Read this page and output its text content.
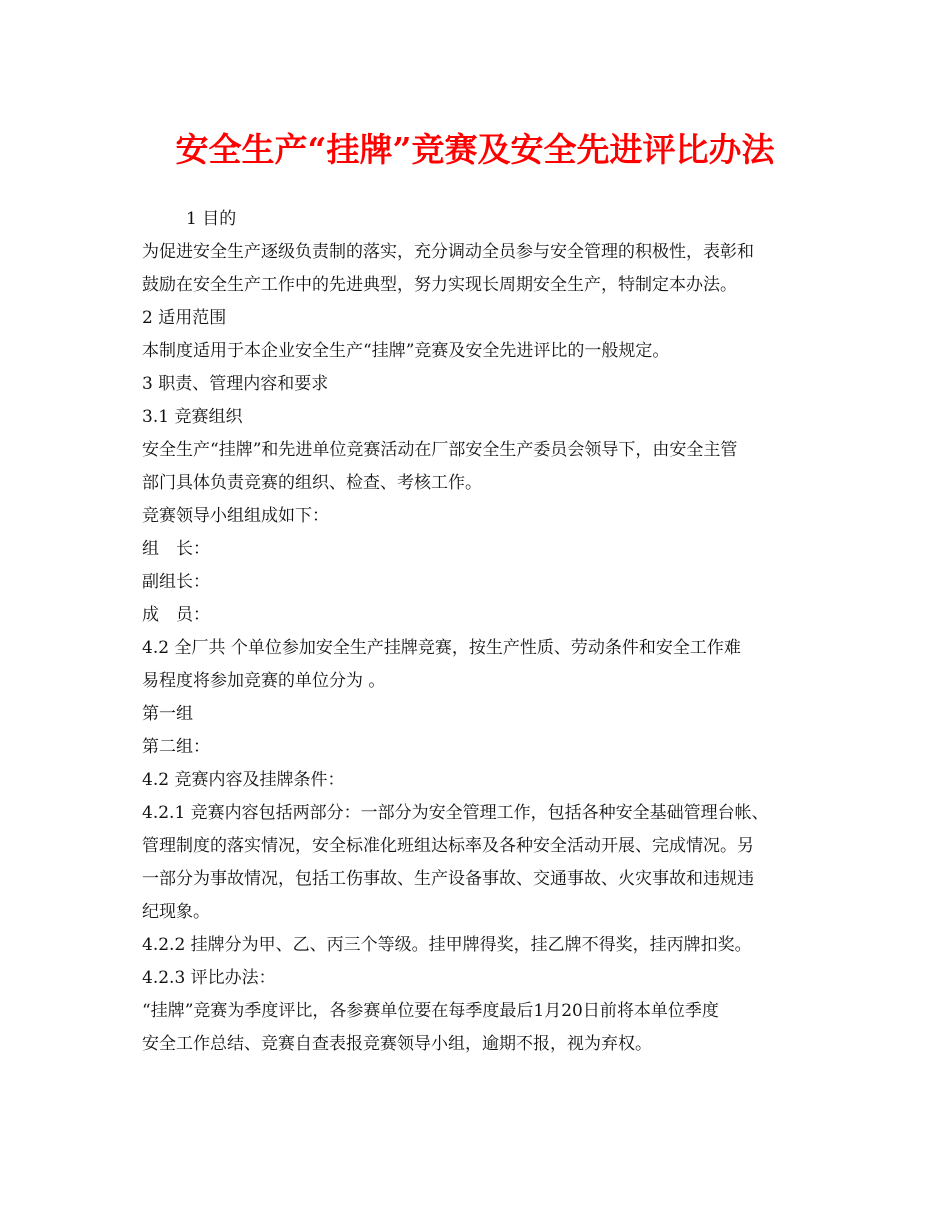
安全生产“挂牌”竞赛及安全先进评比办法

1 目的

为促进安全生产逐级负责制的落实，充分调动全员参与安全管理的积极性，表彰和

鼓励在安全生产工作中的先进典型，努力实现长周期安全生产，特制定本办法。

2 适用范围

本制度适用于本企业安全生产“挂牌”竞赛及安全先进评比的一般规定。

3 职责、管理内容和要求

3.1 竞赛组织

安全生产“挂牌”和先进单位竞赛活动在厂部安全生产委员会领导下，由安全主管

部门具体负责竞赛的组织、检查、考核工作。

竞赛领导小组组成如下：

组　长：

副组长：

成　员：

4.2 全厂共 个单位参加安全生产挂牌竞赛，按生产性质、劳动条件和安全工作难

易程度将参加竞赛的单位分为 。

第一组

第二组：

4.2 竞赛内容及挂牌条件：

4.2.1 竞赛内容包括两部分：一部分为安全管理工作，包括各种安全基础管理台帐、

管理制度的落实情况，安全标准化班组达标率及各种安全活动开展、完成情况。另

一部分为事故情况，包括工伤事故、生产设备事故、交通事故、火灾事故和违规违

纪现象。

4.2.2 挂牌分为甲、乙、丙三个等级。挂甲牌得奖，挂乙牌不得奖，挂丙牌扣奖。

4.2.3 评比办法：

“挂牌”竞赛为季度评比，各参赛单位要在每季度最后1月20日前将本单位季度

安全工作总结、竞赛自查表报竞赛领导小组，逾期不报，视为弃权。
